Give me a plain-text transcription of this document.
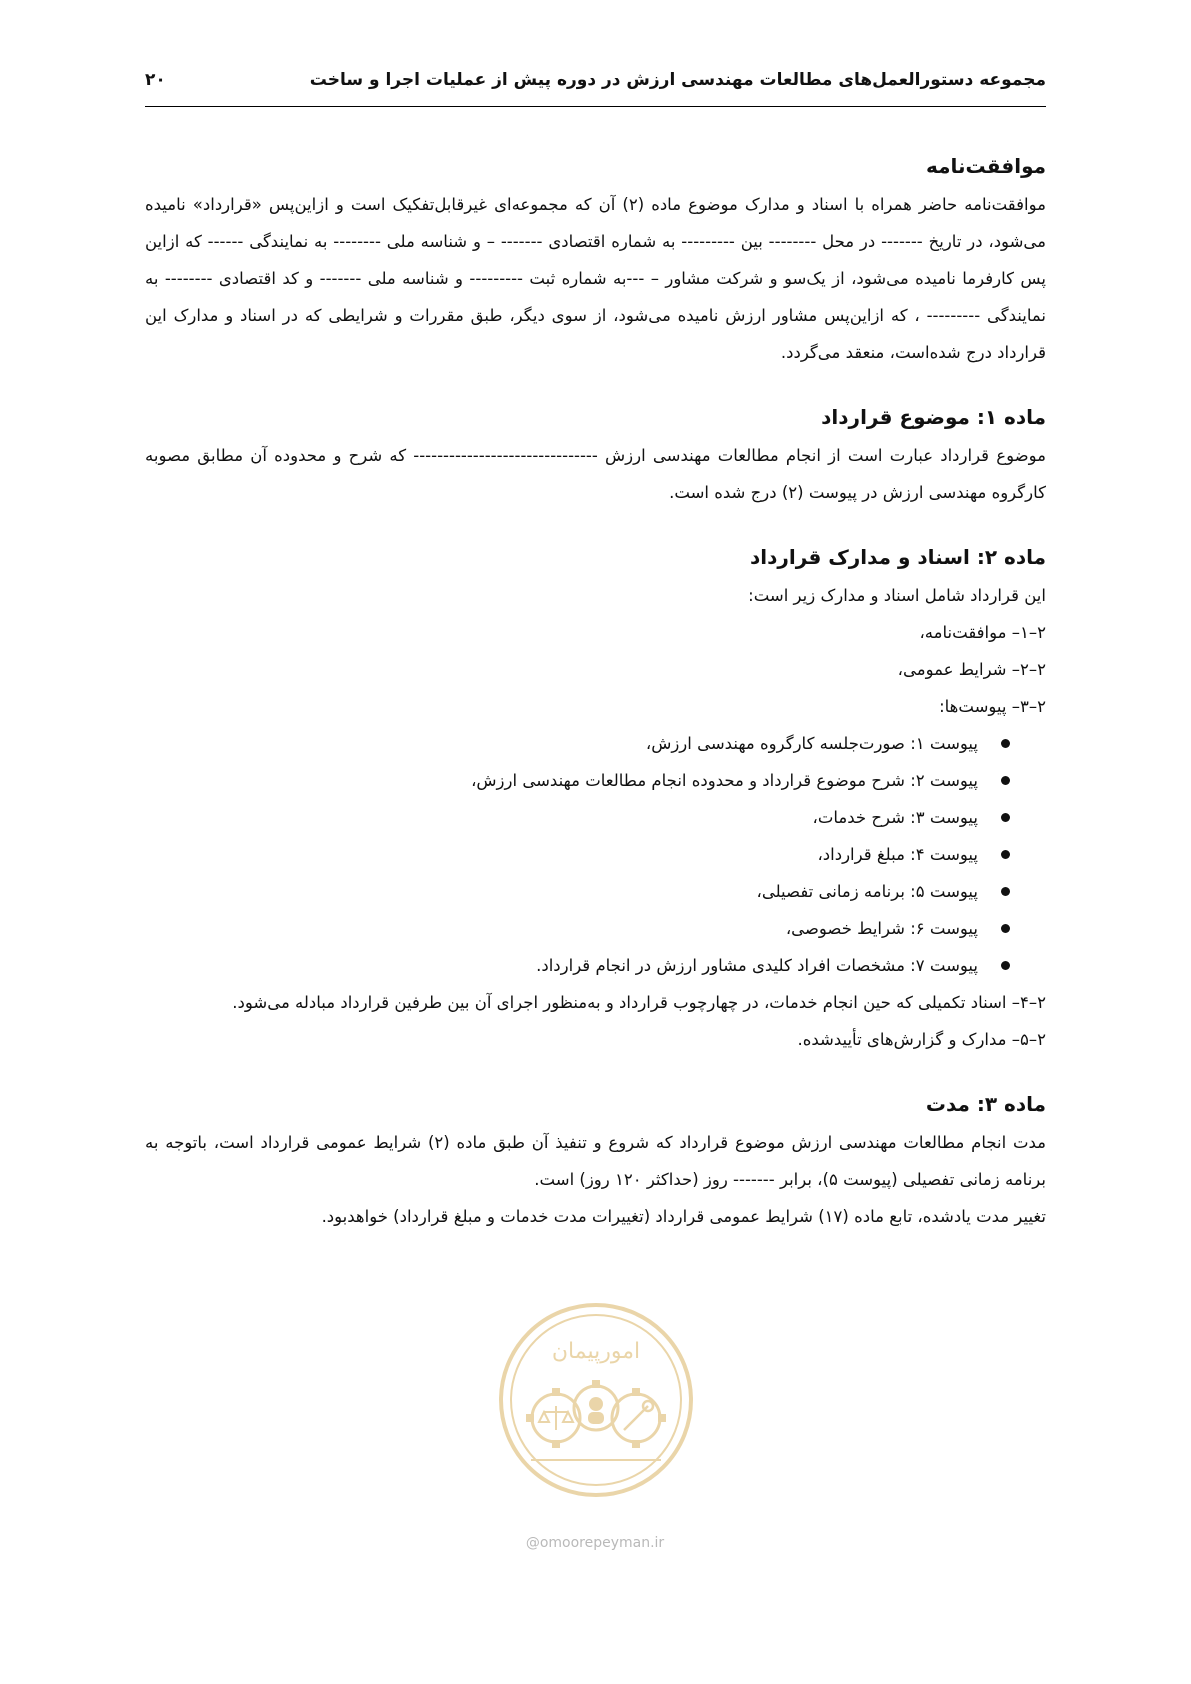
مجموعه دستورالعمل‌های مطالعات مهندسی ارزش در دوره پیش از عملیات اجرا و ساخت
۲۰
موافقت‌نامه

موافقت‌نامه حاضر همراه با اسناد و مدارک موضوع ماده (۲) آن که مجموعه‌ای غیرقابل‌تفکیک است و ازاین‌پس «قرارداد» نامیده می‌شود، در تاریخ ------- در محل -------- بین --------- به شماره اقتصادی ------- – و شناسه ملی -------- به نمایندگی ------ که ازاین پس کارفرما نامیده می‌شود، از یک‌سو و شرکت مشاور – ---به شماره ثبت --------- و شناسه ملی ------- و کد اقتصادی -------- به نمایندگی --------- ، که ازاین‌پس مشاور ارزش نامیده می‌شود، از سوی دیگر، طبق مقررات و شرایطی که در اسناد و مدارک این قرارداد درج شده‌است، منعقد می‌گردد.

ماده ۱: موضوع قرارداد

موضوع قرارداد عبارت است از انجام مطالعات مهندسی ارزش ------------------------------- که شرح و محدوده آن مطابق مصوبه کارگروه مهندسی ارزش در پیوست (۲) درج شده است.

ماده ۲: اسناد و مدارک قرارداد

این قرارداد شامل اسناد و مدارک زیر است:

۲–۱– موافقت‌نامه،

۲–۲– شرایط عمومی،

۲–۳– پیوست‌ها:

پیوست ۱: صورت‌جلسه کارگروه مهندسی ارزش،
پیوست ۲: شرح موضوع قرارداد و محدوده انجام مطالعات مهندسی ارزش،
پیوست ۳: شرح خدمات،
پیوست ۴: مبلغ قرارداد،
پیوست ۵: برنامه زمانی تفصیلی،
پیوست ۶: شرایط خصوصی،
پیوست ۷: مشخصات افراد کلیدی مشاور ارزش در انجام قرارداد.

۲–۴– اسناد تکمیلی که حین انجام خدمات، در چهارچوب قرارداد و به‌منظور اجرای آن بین طرفین قرارداد مبادله می‌شود.

۲–۵– مدارک و گزارش‌های تأییدشده.

ماده ۳: مدت

مدت انجام مطالعات مهندسی ارزش موضوع قرارداد که شروع و تنفیذ آن طبق ماده (۲) شرایط عمومی قرارداد است، باتوجه به برنامه زمانی تفصیلی (پیوست ۵)، برابر ------- روز (حداکثر ۱۲۰ روز) است.

تغییر مدت یادشده، تابع ماده (۱۷) شرایط عمومی قرارداد (تغییرات مدت خدمات و مبلغ قرارداد) خواهدبود.

امورپیمان
@omoorepeyman.ir
